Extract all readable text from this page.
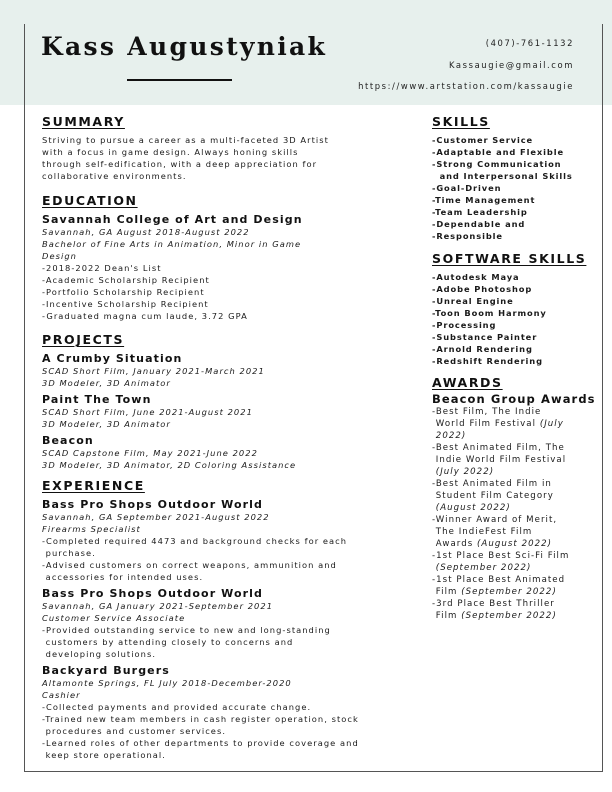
Kass Augustyniak	(407)-761-1132
Kassaugie@gmail.com
https://www.artstation.com/kassaugie
SUMMARY
Striving to pursue a career as a multi-faceted 3D Artist
with a focus in game design. Always honing skills
through self-edification, with a deep appreciation for
collaborative environments.
EDUCATION
Savannah College of Art and Design
Savannah, GA August 2018-August 2022
Bachelor of Fine Arts in Animation, Minor in Game
Design
-2018-2022 Dean's List
-Academic Scholarship Recipient
-Portfolio Scholarship Recipient
-Incentive Scholarship Recipient
-Graduated magna cum laude, 3.72 GPA
PROJECTS
A Crumby Situation
SCAD Short Film, January 2021-March 2021
3D Modeler, 3D Animator
Paint The Town
SCAD Short Film, June 2021-August 2021
3D Modeler, 3D Animator
Beacon
SCAD Capstone Film, May 2021-June 2022
3D Modeler, 3D Animator, 2D Coloring Assistance
EXPERIENCE
Bass Pro Shops Outdoor World
Savannah, GA September 2021-August 2022
Firearms Specialist
-Completed required 4473 and background checks for each
purchase.
-Advised customers on correct weapons, ammunition and
accessories for intended uses.
Bass Pro Shops Outdoor World
Savannah, GA January 2021-September 2021
Customer Service Associate
-Provided outstanding service to new and long-standing
customers by attending closely to concerns and
developing solutions.
Backyard Burgers
Altamonte Springs, FL July 2018-December-2020
Cashier
-Collected payments and provided accurate change.
-Trained new team members in cash register operation, stock
procedures and customer services.
-Learned roles of other departments to provide coverage and
keep store operational.
SKILLS
-Customer Service
-Adaptable and Flexible
-Strong Communication
and Interpersonal Skills
-Goal-Driven
-Time Management
-Team Leadership
-Dependable and
-Responsible
SOFTWARE SKILLS
-Autodesk Maya
-Adobe Photoshop
-Unreal Engine
-Toon Boom Harmony
-Processing
-Substance Painter
-Arnold Rendering
-Redshift Rendering
AWARDS
Beacon Group Awards
-Best Film, The Indie
World Film Festival (July
2022)
-Best Animated Film, The
Indie World Film Festival
(July 2022)
-Best Animated Film in
Student Film Category
(August 2022)
-Winner Award of Merit,
The IndieFest Film
Awards (August 2022)
-1st Place Best Sci-Fi Film
(September 2022)
-1st Place Best Animated
Film (September 2022)
-3rd Place Best Thriller
Film (September 2022)
